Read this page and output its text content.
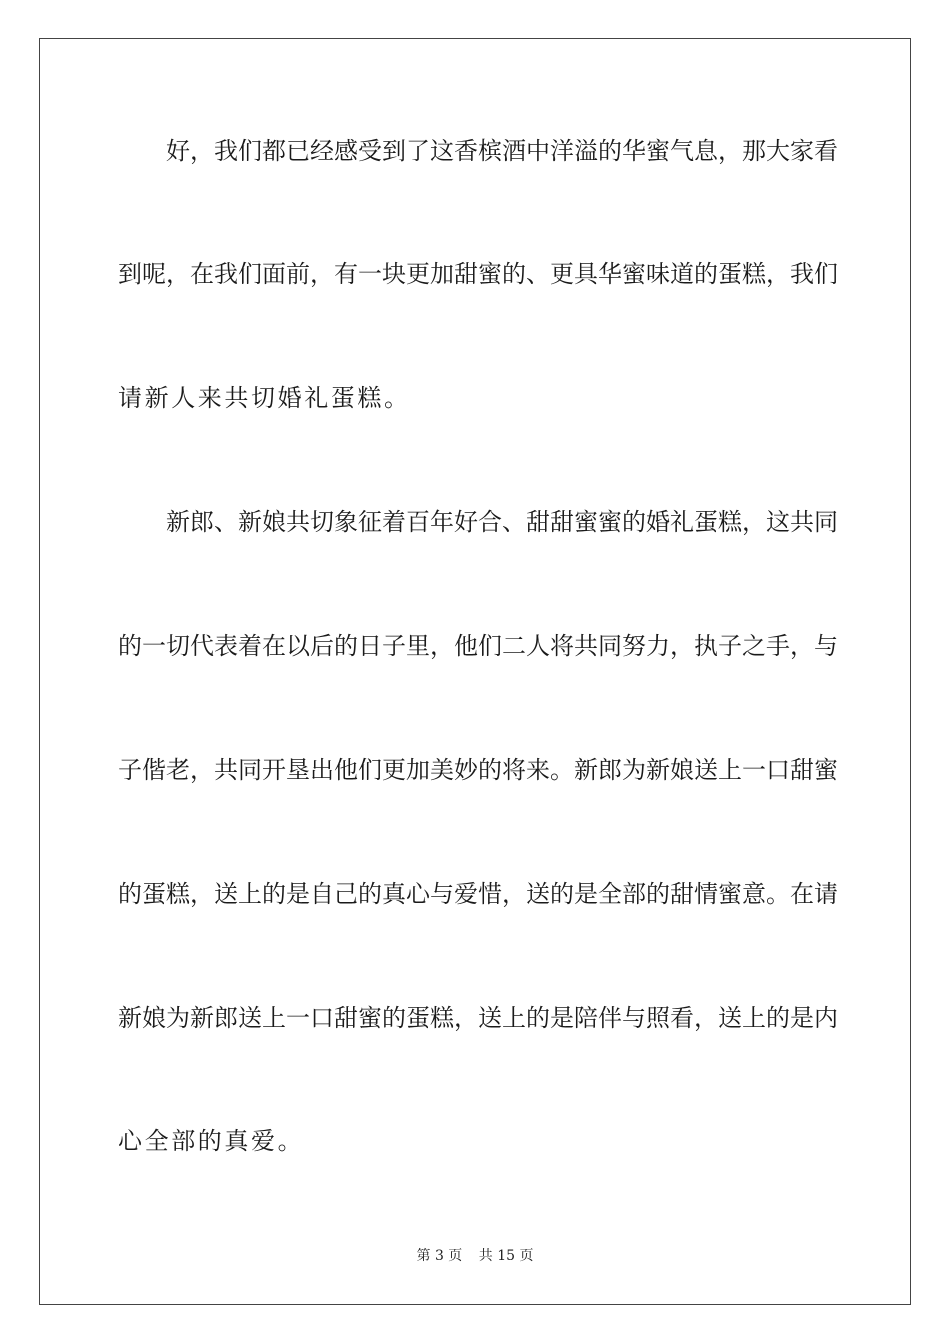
好 ， 我 们 都 已 经 感 受 到 了 这 香 槟 酒 中 洋 溢 的 华 蜜 气 息 ， 那 大 家 看
到 呢 ， 在 我 们 面 前 ， 有 一 块 更 加 甜 蜜 的 、 更 具 华 蜜 味 道 的 蛋 糕 ， 我 们
请新人来共切婚礼蛋糕。
新 郎 、 新 娘 共 切 象 征 着 百 年 好 合 、 甜 甜 蜜 蜜 的 婚 礼 蛋 糕 ， 这 共 同
的 一 切 代 表 着 在 以 后 的 日 子 里 ， 他 们 二 人 将 共 同 努 力 ， 执 子 之 手 ， 与
子 偕 老 ， 共 同 开 垦 出 他 们 更 加 美 妙 的 将 来 。 新 郎 为 新 娘 送 上 一 口 甜 蜜
的 蛋 糕 ， 送 上 的 是 自 己 的 真 心 与 爱 惜 ， 送 的 是 全 部 的 甜 情 蜜 意 。 在 请
新 娘 为 新 郎 送 上 一 口 甜 蜜 的 蛋 糕 ， 送 上 的 是 陪 伴 与 照 看 ， 送 上 的 是 内
心全部的真爱。
第 3 页 共 15 页
